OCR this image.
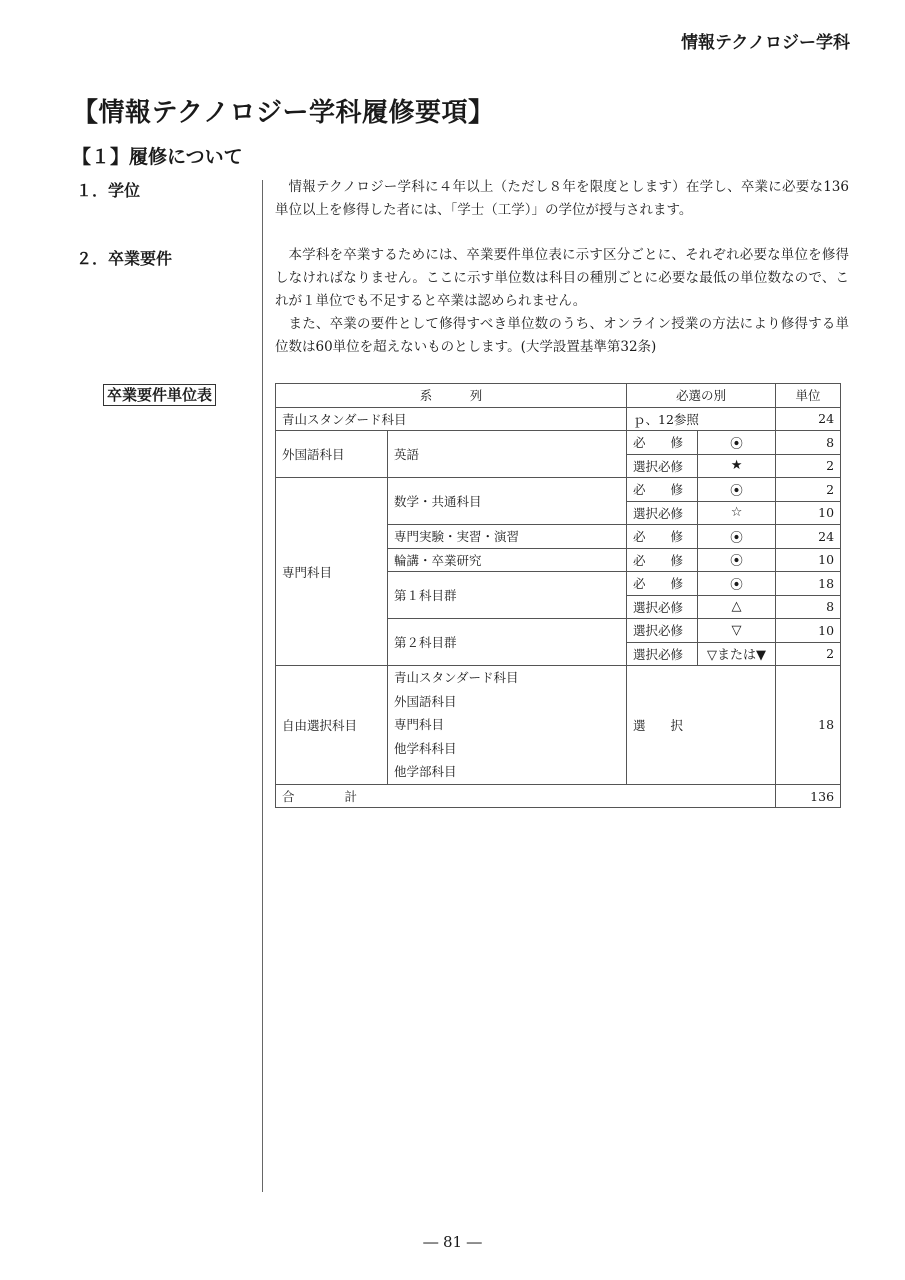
情報テクノロジー学科
【情報テクノロジー学科履修要項】
【１】履修について
１．学位
２．卒業要件

情報テクノロジー学科に４年以上（ただし８年を限度とします）在学し、卒業に必要な136単位以上を修得した者には、「学士（工学）」の学位が授与されます。

本学科を卒業するためには、卒業要件単位表に示す区分ごとに、それぞれ必要な単位を修得しなければなりません。ここに示す単位数は科目の種別ごとに必要な最低の単位数なので、これが１単位でも不足すると卒業は認められません。

また、卒業の要件として修得すべき単位数のうち、オンライン授業の方法により修得する単位数は60単位を超えないものとします。(大学設置基準第32条)

卒業要件単位表	系　　　列		必選の別		単位
青山スタンダード科目		ｐ、12参照		24
外国語科目	英語	必　　修	⦿	8
		選択必修	★	2
専門科目	数学・共通科目	必　　修	⦿	2
		選択必修	☆	10
	専門実験・実習・演習	必　　修	⦿	24
	輪講・卒業研究	必　　修	⦿	10
	第１科目群	必　　修	⦿	18
		選択必修	△	8
	第２科目群	選択必修	▽	10
		選択必修	▽または▼	2
自由選択科目	青山スタンダード科目
外国語科目
専門科目
他学科科目
他学部科目	選　　択		18
合　　　　計				136
― 81 ―
